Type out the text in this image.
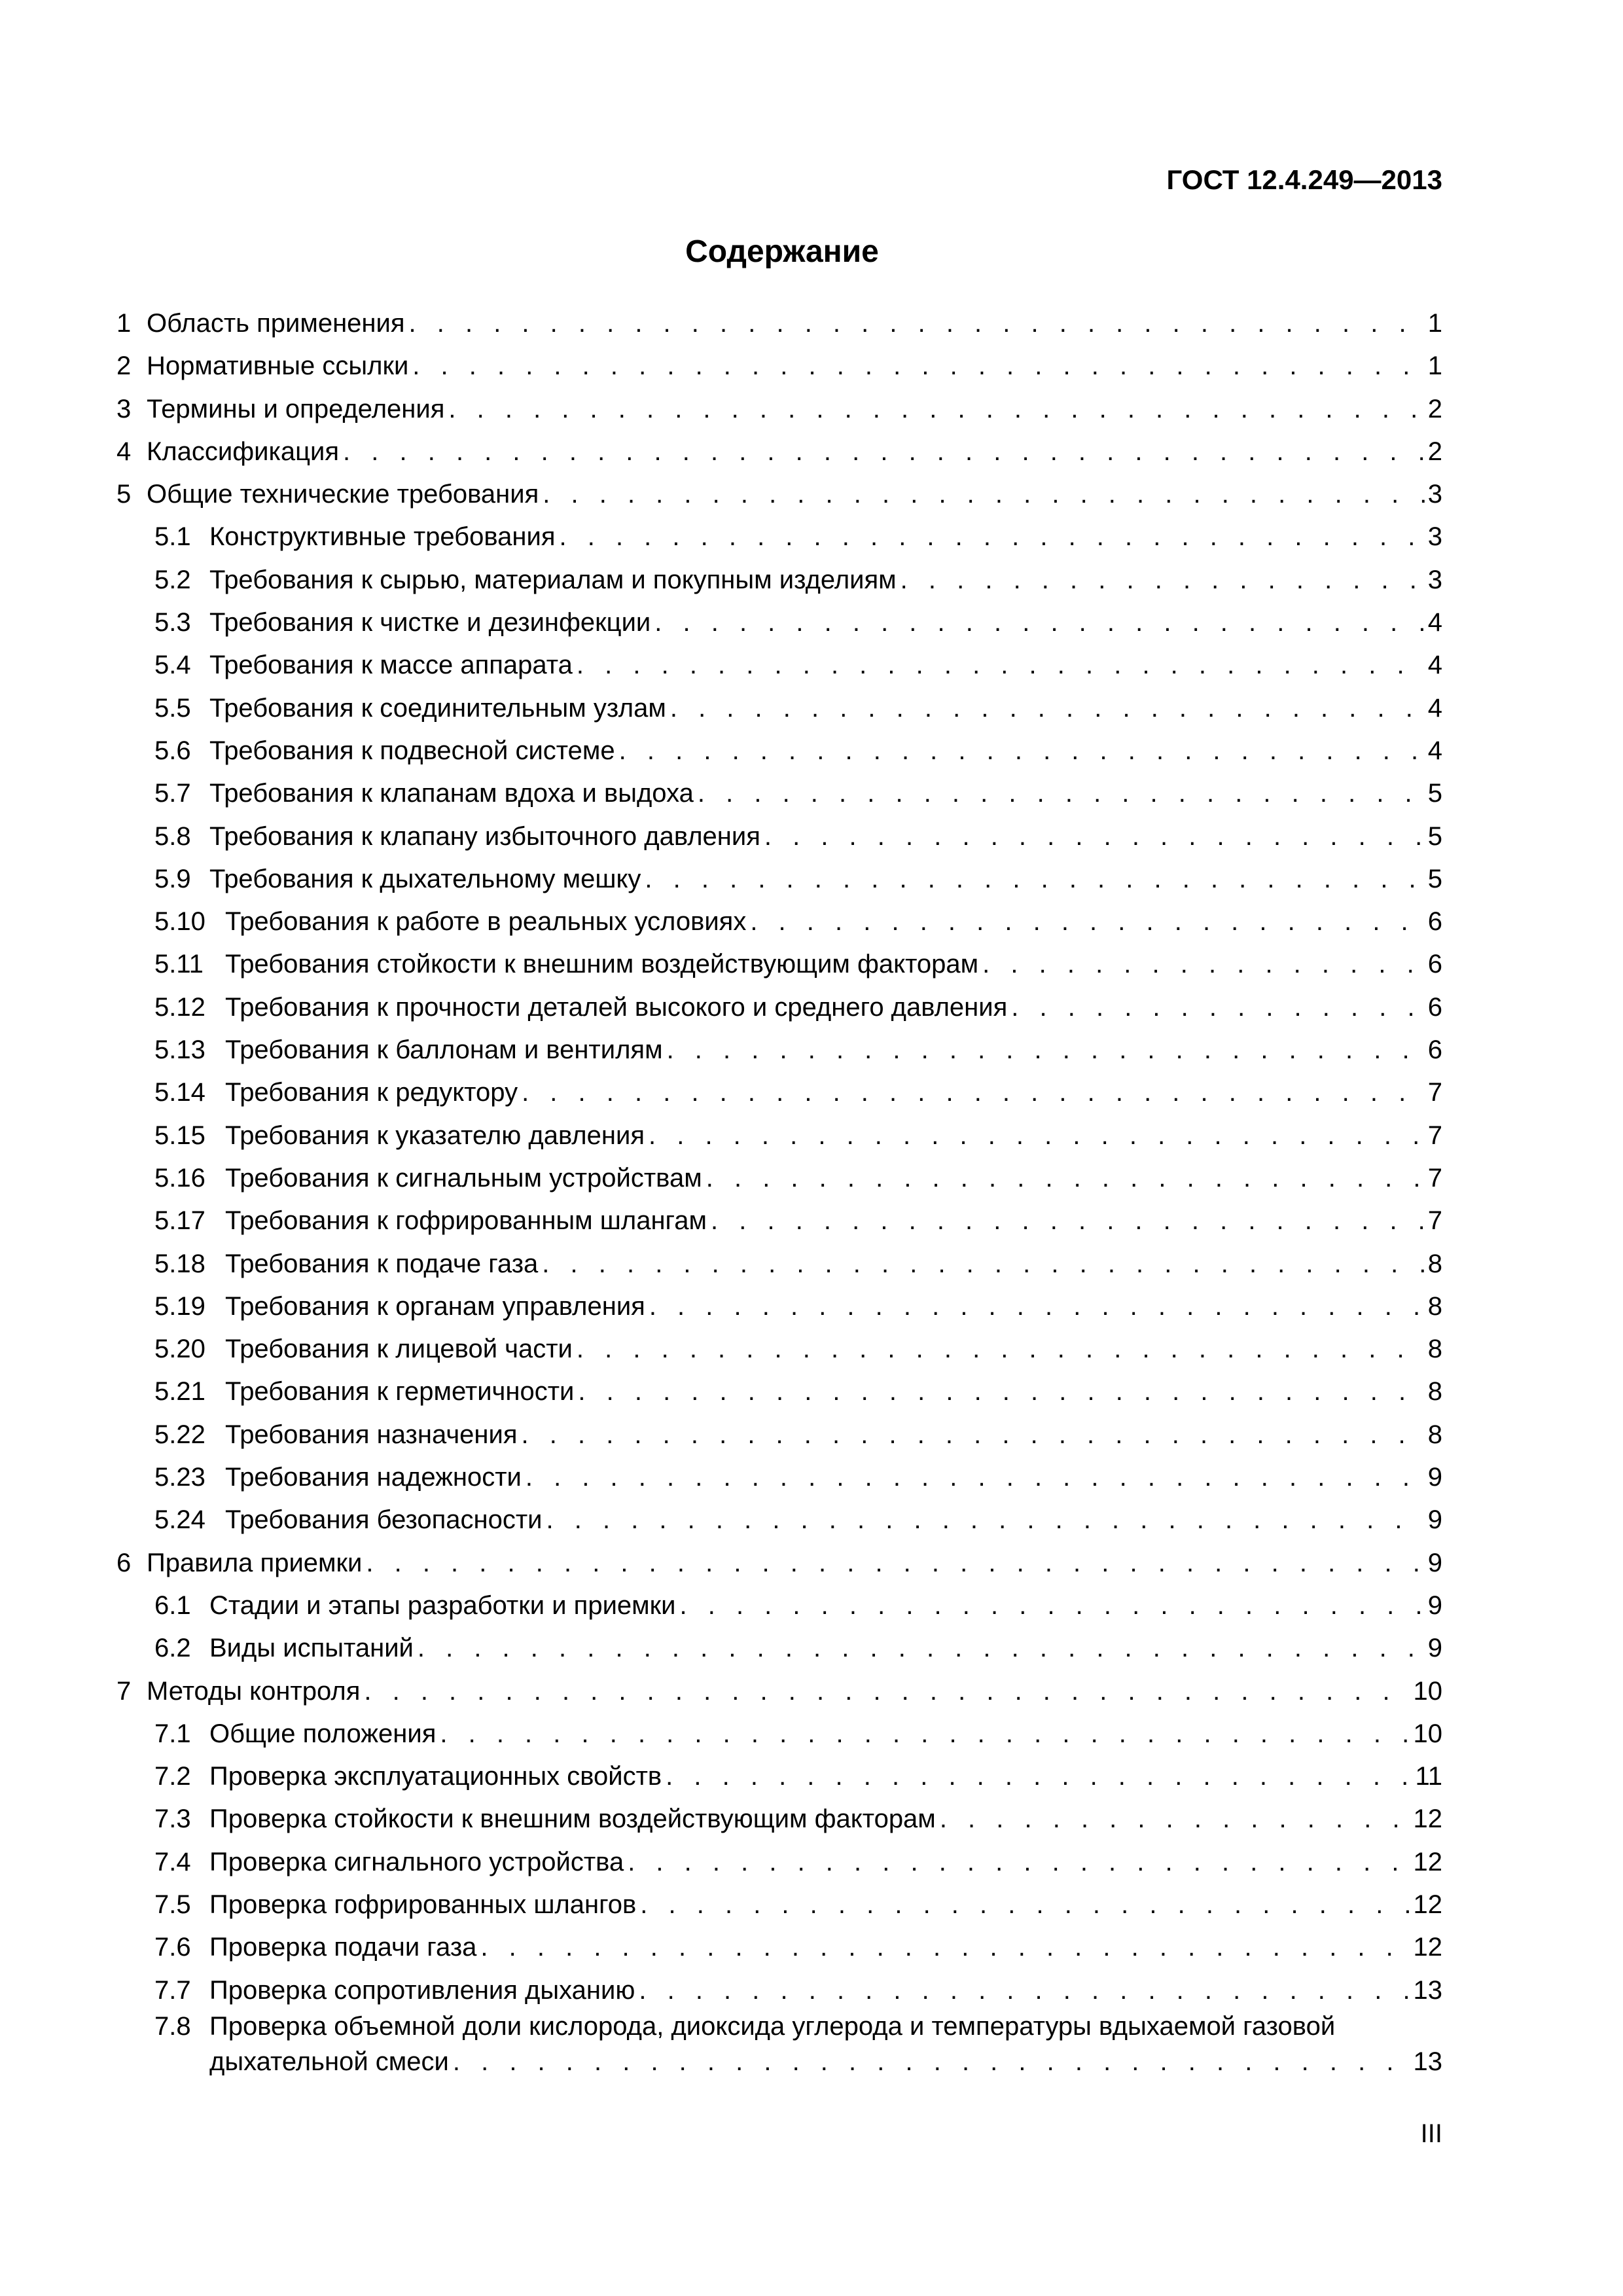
ГОСТ 12.4.249—2013
Содержание
1 Область применения . . .	1
2 Нормативные ссылки . . .	1
3 Термины и определения . . .	2
4 Классификация . . .	2
5 Общие технические требования . . .	3
5.1 Конструктивные требования . . .	3
5.2 Требования к сырью, материалам и покупным изделиям . . .	3
5.3 Требования к чистке и дезинфекции . . .	4
5.4 Требования к массе аппарата . . .	4
5.5 Требования к соединительным узлам . . .	4
5.6 Требования к подвесной системе . . .	4
5.7 Требования к клапанам вдоха и выдоха . . .	5
5.8 Требования к клапану избыточного давления . . .	5
5.9 Требования к дыхательному мешку . . .	5
5.10 Требования к работе в реальных условиях . . .	6
5.11 Требования стойкости к внешним воздействующим факторам . . .	6
5.12 Требования к прочности деталей высокого и среднего давления . . .	6
5.13 Требования к баллонам и вентилям . . .	6
5.14 Требования к редуктору . . .	7
5.15 Требования к указателю давления . . .	7
5.16 Требования к сигнальным устройствам . . .	7
5.17 Требования к гофрированным шлангам . . .	7
5.18 Требования к подаче газа . . .	8
5.19 Требования к органам управления . . .	8
5.20 Требования к лицевой части . . .	8
5.21 Требования к герметичности . . .	8
5.22 Требования назначения . . .	8
5.23 Требования надежности . . .	9
5.24 Требования безопасности . . .	9
6 Правила приемки . . .	9
6.1 Стадии и этапы разработки и приемки . . .	9
6.2 Виды испытаний . . .	9
7 Методы контроля . . .	10
7.1 Общие положения . . .	10
7.2 Проверка эксплуатационных свойств . . .	11
7.3 Проверка стойкости к внешним воздействующим факторам . . .	12
7.4 Проверка сигнального устройства . . .	12
7.5 Проверка гофрированных шлангов . . .	12
7.6 Проверка подачи газа . . .	12
7.7 Проверка сопротивления дыханию . . .	13
7.8 Проверка объемной доли кислорода, диоксида углерода и температуры вдыхаемой газовой
дыхательной смеси . . .	13
III
